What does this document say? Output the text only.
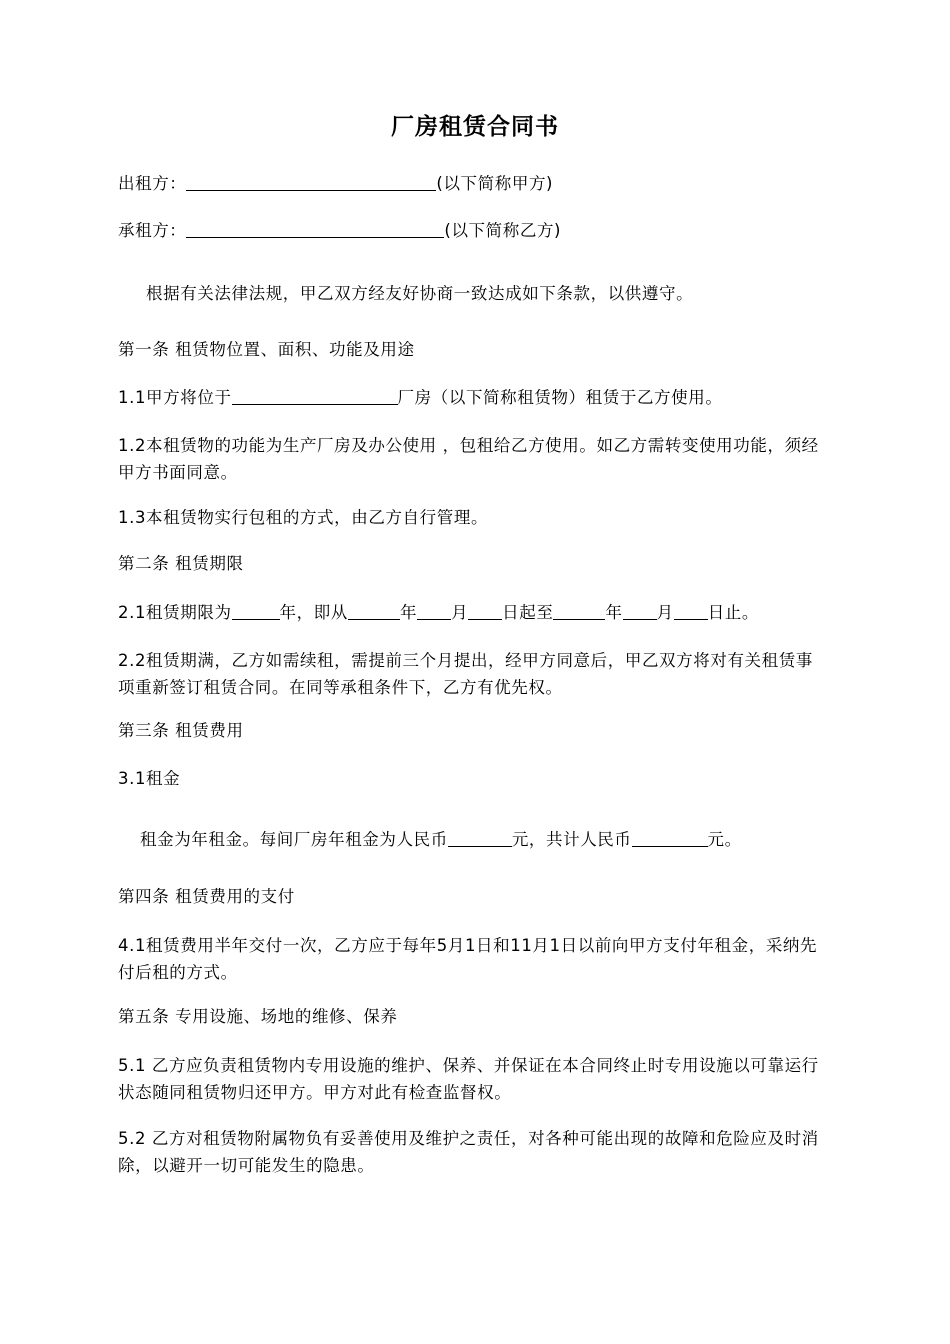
厂房租赁合同书
出租方：	(以下简称甲方)
承租方：	(以下简称乙方)
根据有关法律法规，甲乙双方经友好协商一致达成如下条款，以供遵守。
第一条 租赁物位置、面积、功能及用途
1.1甲方将位于	厂房（以下简称租赁物）租赁于乙方使用。
1.2本租赁物的功能为生产厂房及办公使用 ，包租给乙方使用。如乙方需转变使用功能，须经甲方书面同意。
1.3本租赁物实行包租的方式，由乙方自行管理。
第二条 租赁期限
2.1租赁期限为	年，即从	年 月 日起至	年 月 日止。
2.2租赁期满，乙方如需续租，需提前三个月提出，经甲方同意后，甲乙双方将对有关租赁事项重新签订租赁合同。在同等承租条件下，乙方有优先权。
第三条 租赁费用
3.1租金
租金为年租金。每间厂房年租金为人民币	元，共计人民币	元。
第四条 租赁费用的支付
4.1租赁费用半年交付一次，乙方应于每年5月1日和11月1日以前向甲方支付年租金，采纳先付后租的方式。
第五条 专用设施、场地的维修、保养
5.1 乙方应负责租赁物内专用设施的维护、保养、并保证在本合同终止时专用设施以可靠运行状态随同租赁物归还甲方。甲方对此有检查监督权。
5.2 乙方对租赁物附属物负有妥善使用及维护之责任，对各种可能出现的故障和危险应及时消除，以避开一切可能发生的隐患。
